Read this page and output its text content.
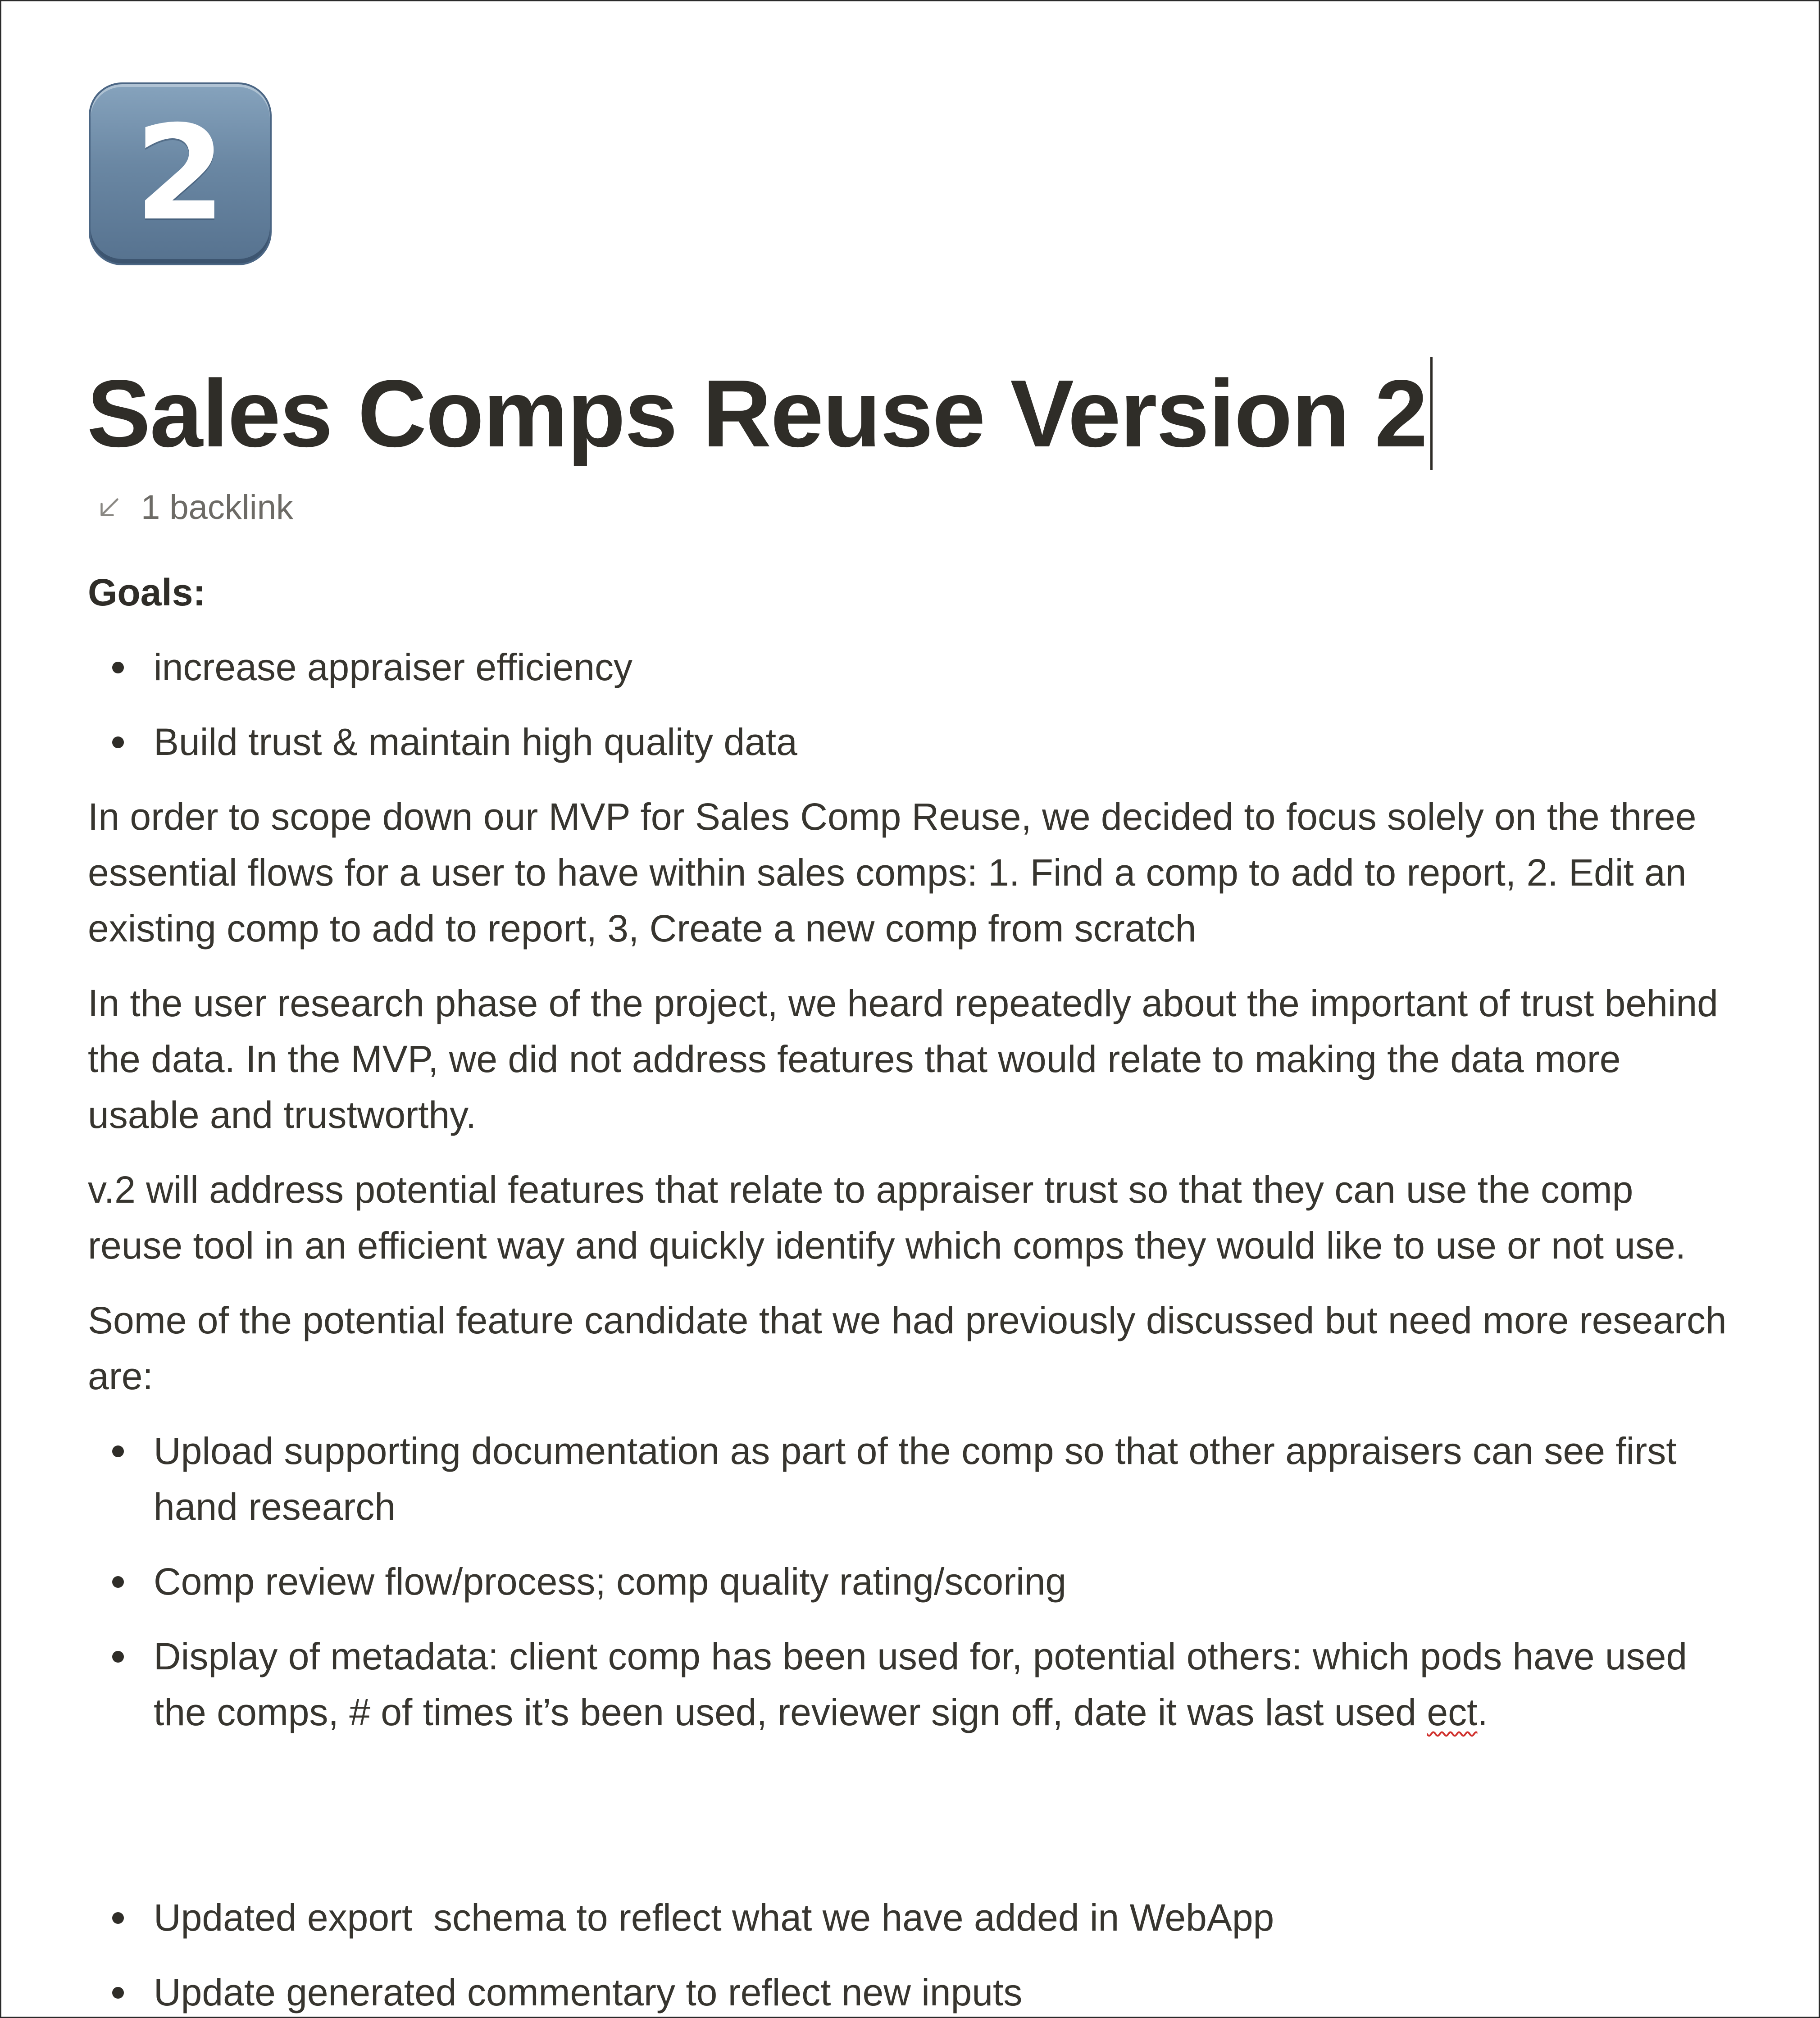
2
Sales Comps Reuse Version 2
1 backlink

Goals:

increase appraiser efficiency
Build trust & maintain high quality data

In order to scope down our MVP for Sales Comp Reuse, we decided to focus solely on the three essential flows for a user to have within sales comps: 1. Find a comp to add to report, 2. Edit an existing comp to add to report, 3, Create a new comp from scratch

In the user research phase of the project, we heard repeatedly about the important of trust behind the data. In the MVP, we did not address features that would relate to making the data more usable and trustworthy.

v.2 will address potential features that relate to appraiser trust so that they can use the comp reuse tool in an efficient way and quickly identify which comps they would like to use or not use.

Some of the potential feature candidate that we had previously discussed but need more research are:

Upload supporting documentation as part of the comp so that other appraisers can see first hand research
Comp review flow/process; comp quality rating/scoring
Display of metadata: client comp has been used for, potential others: which pods have used the comps, # of times it’s been used, reviewer sign off, date it was last used ect.
Updated export  schema to reflect what we have added in WebApp
Update generated commentary to reflect new inputs
